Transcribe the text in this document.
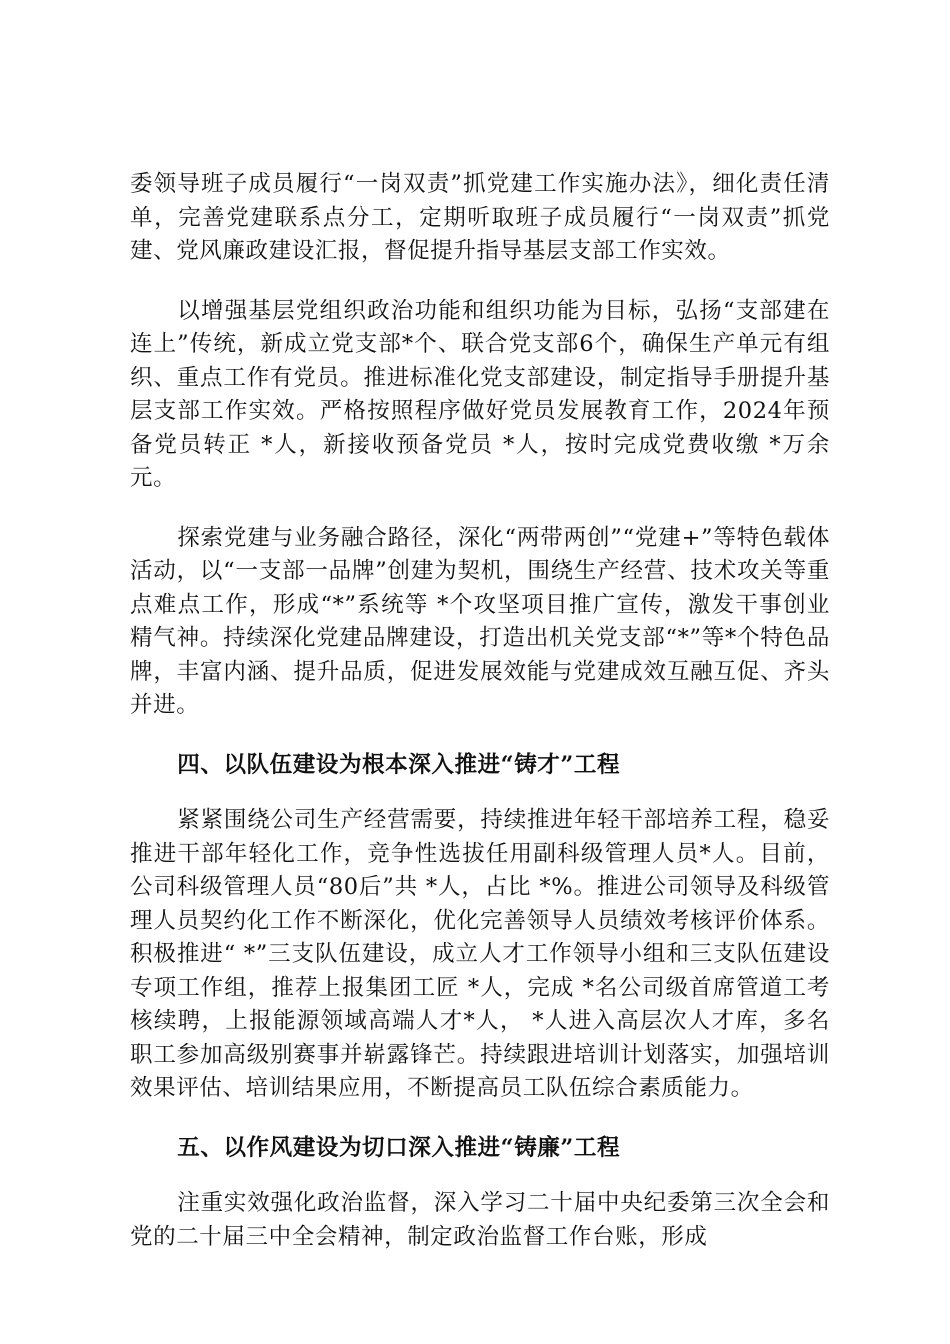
委领导班子成员履行“一岗双责”抓党建工作实施办法》，细化责任清单，完善党建联系点分工，定期听取班子成员履行“一岗双责”抓党建、党风廉政建设汇报，督促提升指导基层支部工作实效。

以增强基层党组织政治功能和组织功能为目标，弘扬“支部建在连上”传统，新成立党支部*个、联合党支部6个，确保生产单元有组织、重点工作有党员。推进标准化党支部建设，制定指导手册提升基层支部工作实效。严格按照程序做好党员发展教育工作，2024年预备党员转正 *人，新接收预备党员 *人，按时完成党费收缴 *万余元。

探索党建与业务融合路径，深化“两带两创”“党建+”等特色载体活动，以“一支部一品牌”创建为契机，围绕生产经营、技术攻关等重点难点工作，形成“*”系统等 *个攻坚项目推广宣传，激发干事创业精气神。持续深化党建品牌建设，打造出机关党支部“*”等*个特色品牌，丰富内涵、提升品质，促进发展效能与党建成效互融互促、齐头并进。

四、以队伍建设为根本深入推进“铸才”工程

紧紧围绕公司生产经营需要，持续推进年轻干部培养工程，稳妥推进干部年轻化工作，竞争性选拔任用副科级管理人员*人。目前，公司科级管理人员“80后”共 *人，占比 *%。推进公司领导及科级管理人员契约化工作不断深化，优化完善领导人员绩效考核评价体系。积极推进“ *”三支队伍建设，成立人才工作领导小组和三支队伍建设专项工作组，推荐上报集团工匠 *人，完成 *名公司级首席管道工考核续聘，上报能源领域高端人才*人， *人进入高层次人才库，多名职工参加高级别赛事并崭露锋芒。持续跟进培训计划落实，加强培训效果评估、培训结果应用，不断提高员工队伍综合素质能力。

五、以作风建设为切口深入推进“铸廉”工程

注重实效强化政治监督，深入学习二十届中央纪委第三次全会和党的二十届三中全会精神，制定政治监督工作台账，形成
